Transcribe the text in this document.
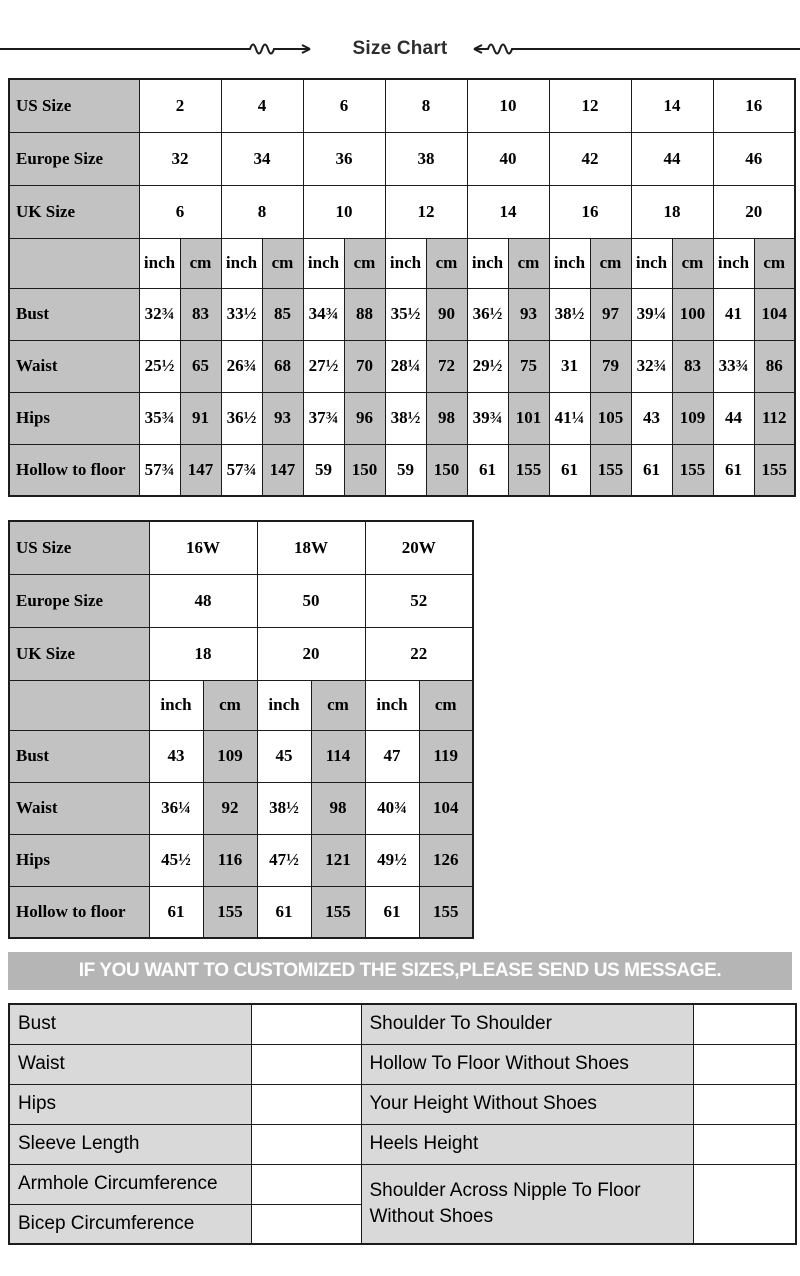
Size Chart
US Size	2		4		6		8		10		12		14		16	
Europe Size	32		34		36		38		40		42		44		46	
UK Size	6		8		10		12		14		16		18		20	
	inch	cm	inch	cm	inch	cm	inch	cm	inch	cm	inch	cm	inch	cm	inch	cm
Bust	32¾	83	33½	85	34¾	88	35½	90	36½	93	38½	97	39¼	100	41	104
Waist	25½	65	26¾	68	27½	70	28¼	72	29½	75	31	79	32¾	83	33¾	86
Hips	35¾	91	36½	93	37¾	96	38½	98	39¾	101	41¼	105	43	109	44	112
Hollow to floor	57¾	147	57¾	147	59	150	59	150	61	155	61	155	61	155	61	155
US Size	16W		18W		20W	
Europe Size	48		50		52	
UK Size	18		20		22	
	inch	cm	inch	cm	inch	cm
Bust	43	109	45	114	47	119
Waist	36¼	92	38½	98	40¾	104
Hips	45½	116	47½	121	49½	126
Hollow to floor	61	155	61	155	61	155
IF YOU WANT TO CUSTOMIZED THE SIZES,PLEASE SEND US MESSAGE.
Bust		Shoulder To Shoulder	
Waist		Hollow To Floor Without Shoes	
Hips		Your Height Without Shoes	
Sleeve Length		Heels Height	
Armhole Circumference		Shoulder Across Nipple To Floor Without Shoes	
Bicep Circumference			
